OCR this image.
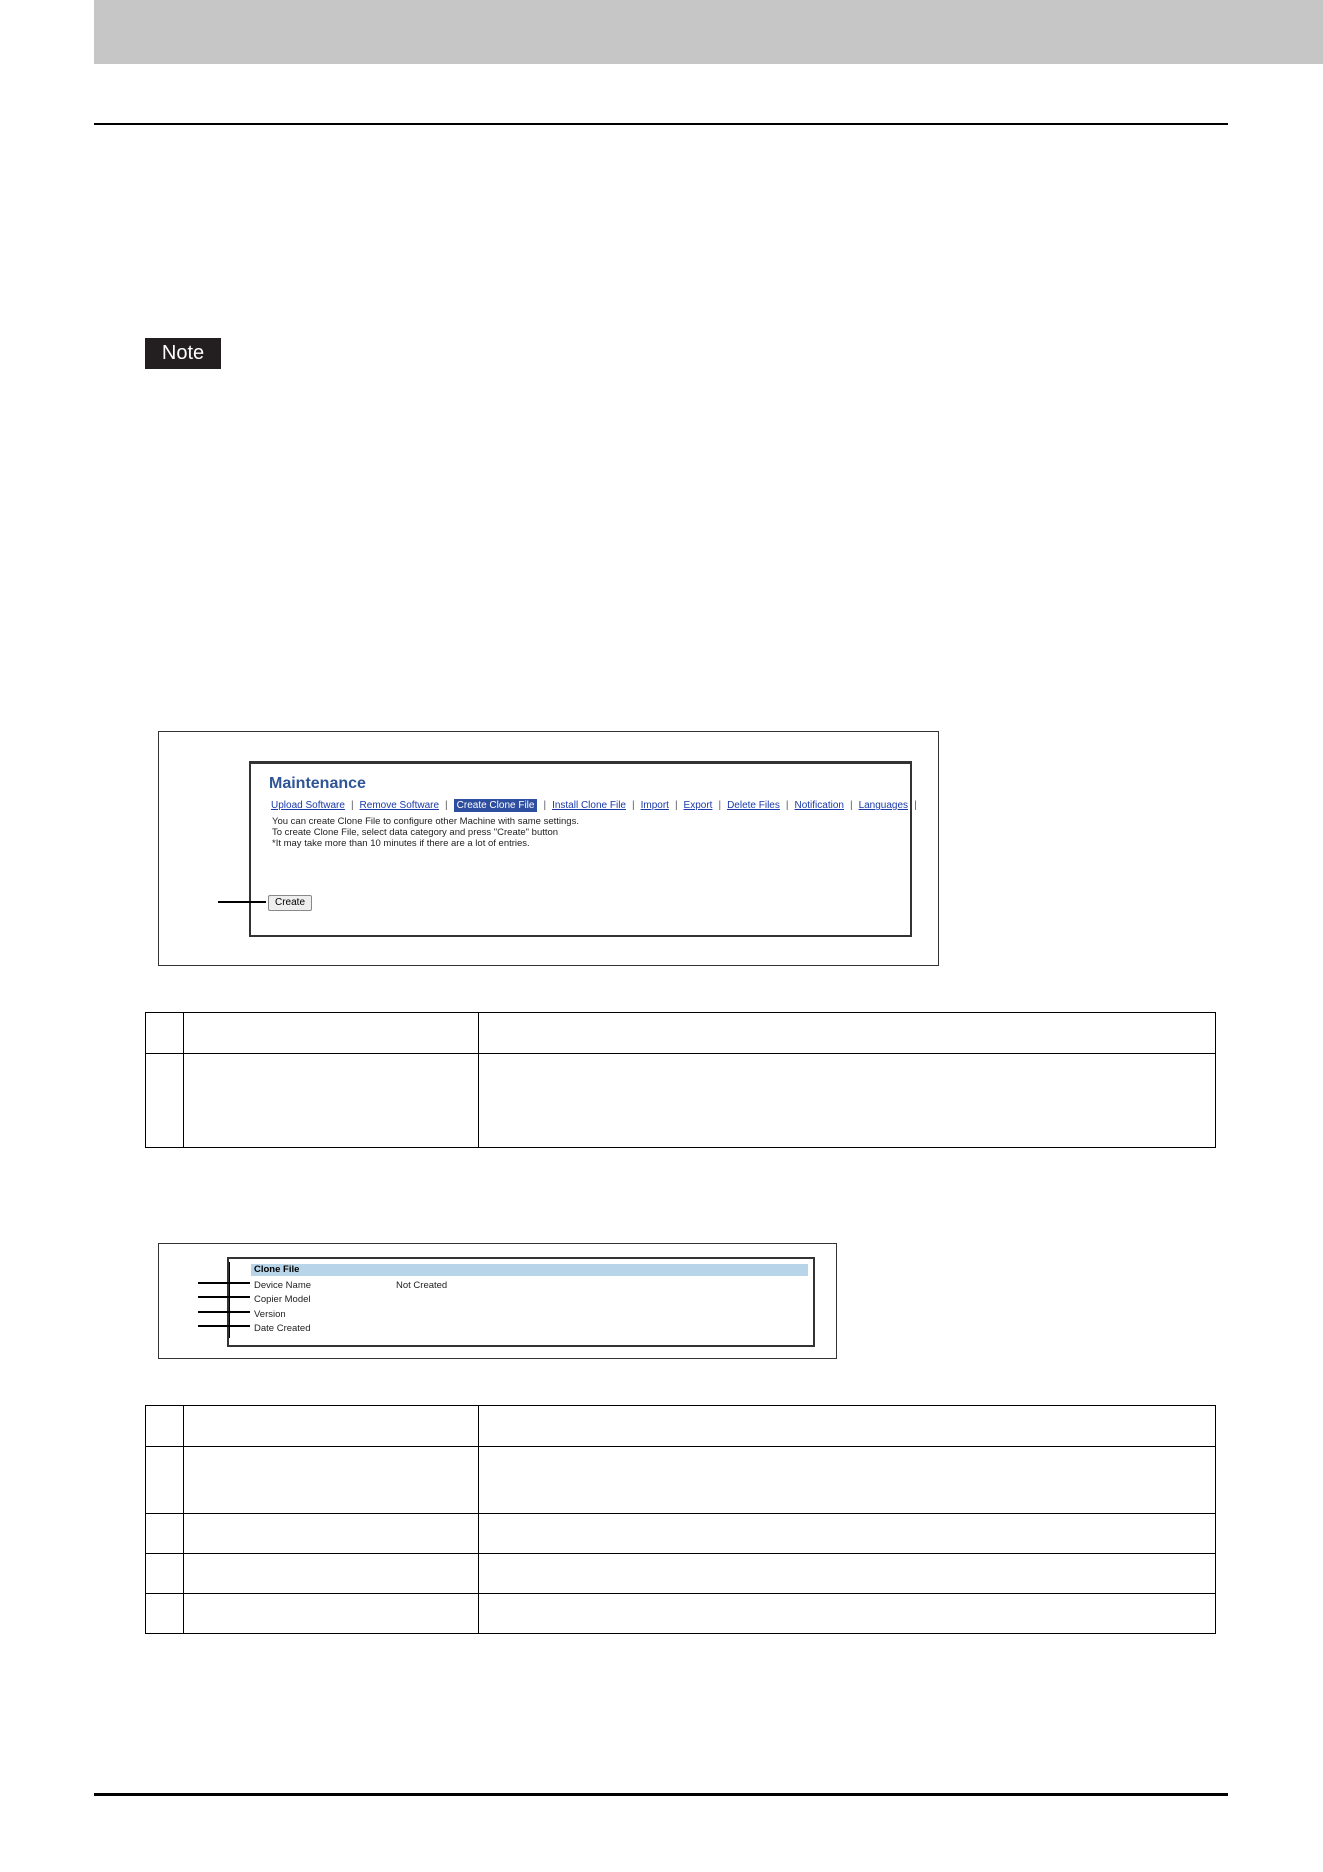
Note
Maintenance
Upload Software | Remove Software | Create Clone File | Install Clone File | Import | Export | Delete Files | Notification | Languages |
You can create Clone File to configure other Machine with same settings.
To create Clone File, select data category and press "Create" button
*It may take more than 10 minutes if there are a lot of entries.
Create

Clone File
Device Name	Not Created
Copier Model
Version
Date Created
